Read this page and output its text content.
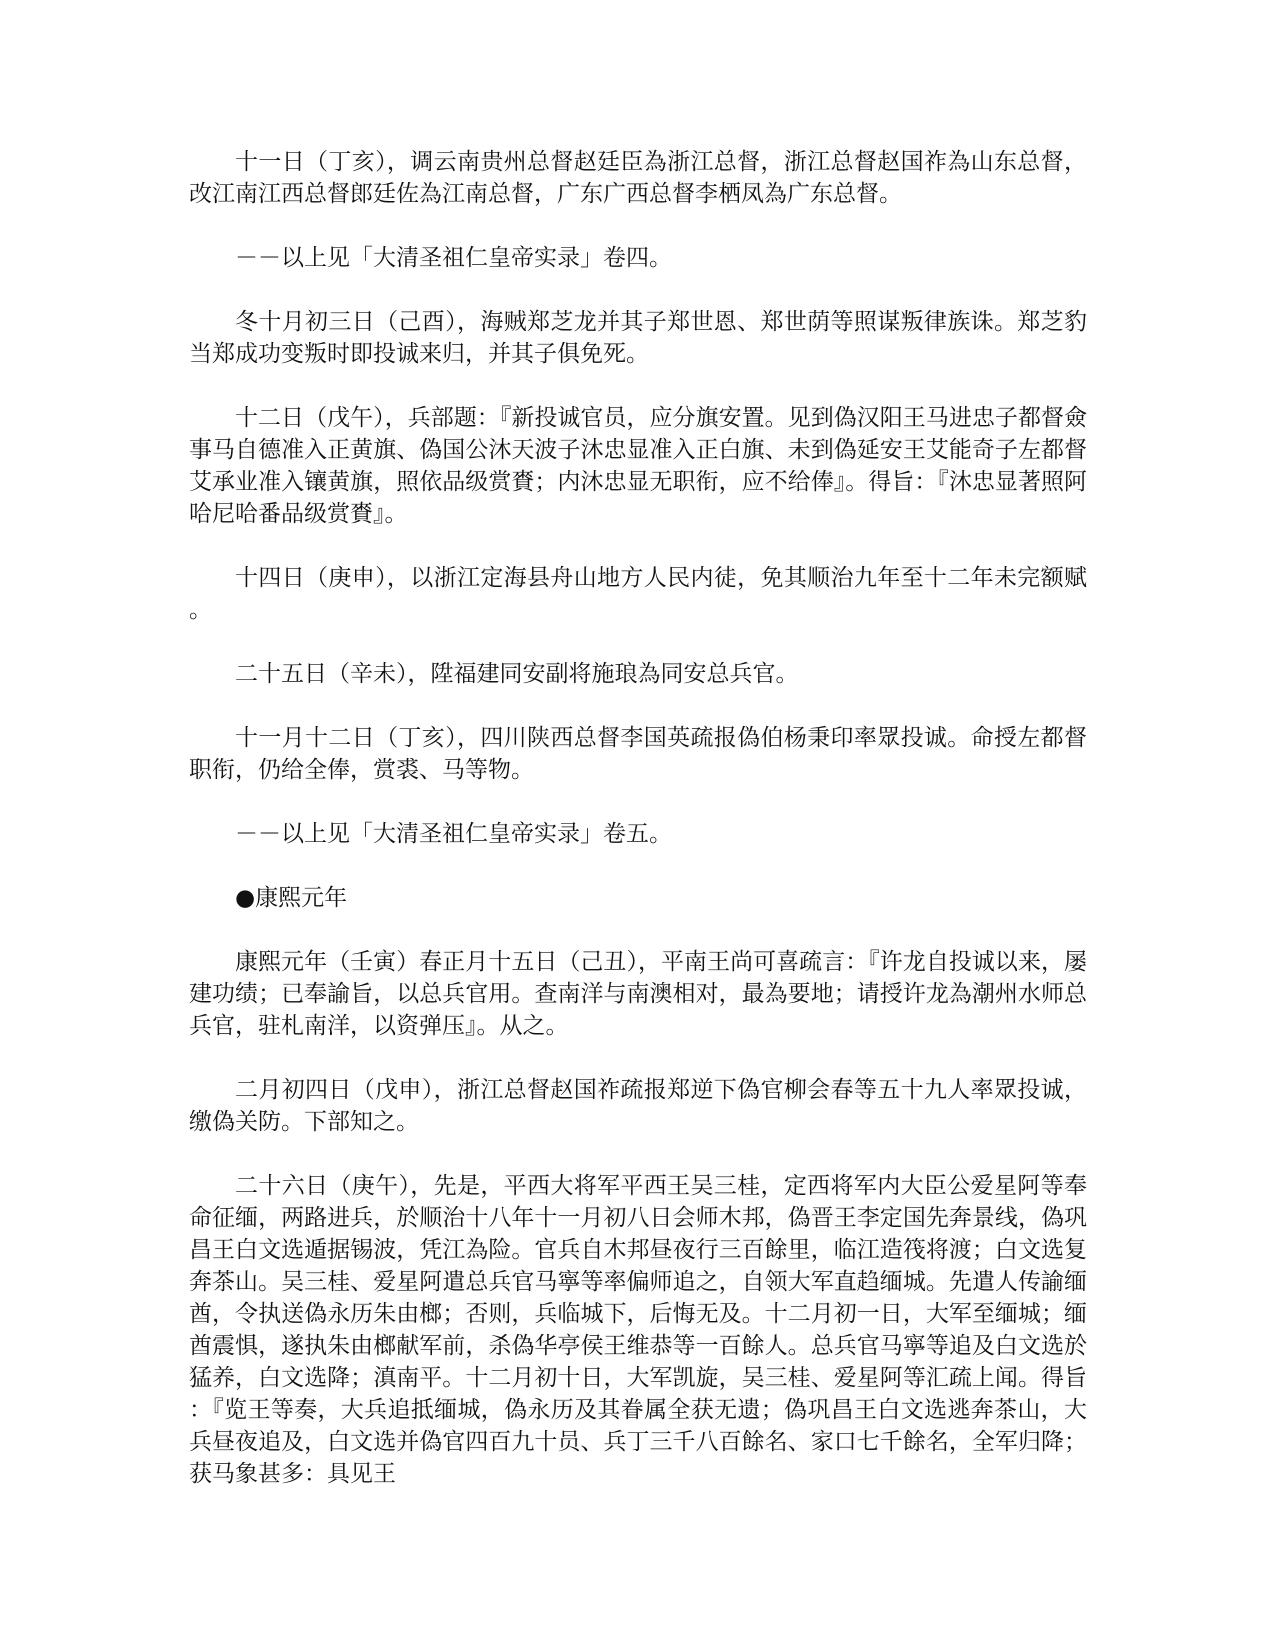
十一日（丁亥），调云南贵州总督赵廷臣為浙江总督，浙江总督赵国祚為山东总督，改江南江西总督郎廷佐為江南总督，广东广西总督李栖凤為广东总督。

－－以上见「大清圣祖仁皇帝实录」卷四。

冬十月初三日（己酉），海贼郑芝龙并其子郑世恩、郑世荫等照谋叛律族诛。郑芝豹当郑成功变叛时即投诚来归，并其子俱免死。

十二日（戊午），兵部题：『新投诚官员，应分旗安置。见到偽汉阳王马进忠子都督僉事马自德准入正黄旗、偽国公沐天波子沐忠显准入正白旗、未到偽延安王艾能奇子左都督艾承业准入镶黄旗，照依品级赏賚；内沐忠显无职衔，应不给俸』。得旨：『沐忠显著照阿哈尼哈番品级赏賚』。

十四日（庚申），以浙江定海县舟山地方人民内徒，免其顺治九年至十二年未完额赋。

二十五日（辛未），陞福建同安副将施琅為同安总兵官。

十一月十二日（丁亥），四川陕西总督李国英疏报偽伯杨秉印率眾投诚。命授左都督职衔，仍给全俸，赏裘、马等物。

－－以上见「大清圣祖仁皇帝实录」卷五。

●康熙元年

康熙元年（壬寅）春正月十五日（己丑），平南王尚可喜疏言：『许龙自投诚以来，屡建功绩；已奉諭旨，以总兵官用。查南洋与南澳相对，最為要地；请授许龙為潮州水师总兵官，驻札南洋，以资弹压』。从之。

二月初四日（戊申），浙江总督赵国祚疏报郑逆下偽官柳会春等五十九人率眾投诚，缴偽关防。下部知之。

二十六日（庚午），先是，平西大将军平西王吴三桂，定西将军内大臣公爱星阿等奉命征缅，两路进兵，於顺治十八年十一月初八日会师木邦，偽晋王李定国先奔景线，偽巩昌王白文选遁据锡波，凭江為险。官兵自木邦昼夜行三百餘里，临江造筏将渡；白文选复奔茶山。吴三桂、爱星阿遣总兵官马寧等率偏师追之，自领大军直趋缅城。先遣人传諭缅酋，令执送偽永历朱由榔；否则，兵临城下，后悔无及。十二月初一日，大军至缅城；缅酋震惧，遂执朱由榔献军前，杀偽华亭侯王维恭等一百餘人。总兵官马寧等追及白文选於猛养，白文选降；滇南平。十二月初十日，大军凯旋，吴三桂、爱星阿等汇疏上闻。得旨：『览王等奏，大兵追抵缅城，偽永历及其眷属全获无遗；偽巩昌王白文选逃奔茶山，大兵昼夜追及，白文选并偽官四百九十员、兵丁三千八百餘名、家口七千餘名，全军归降；获马象甚多：具见王
